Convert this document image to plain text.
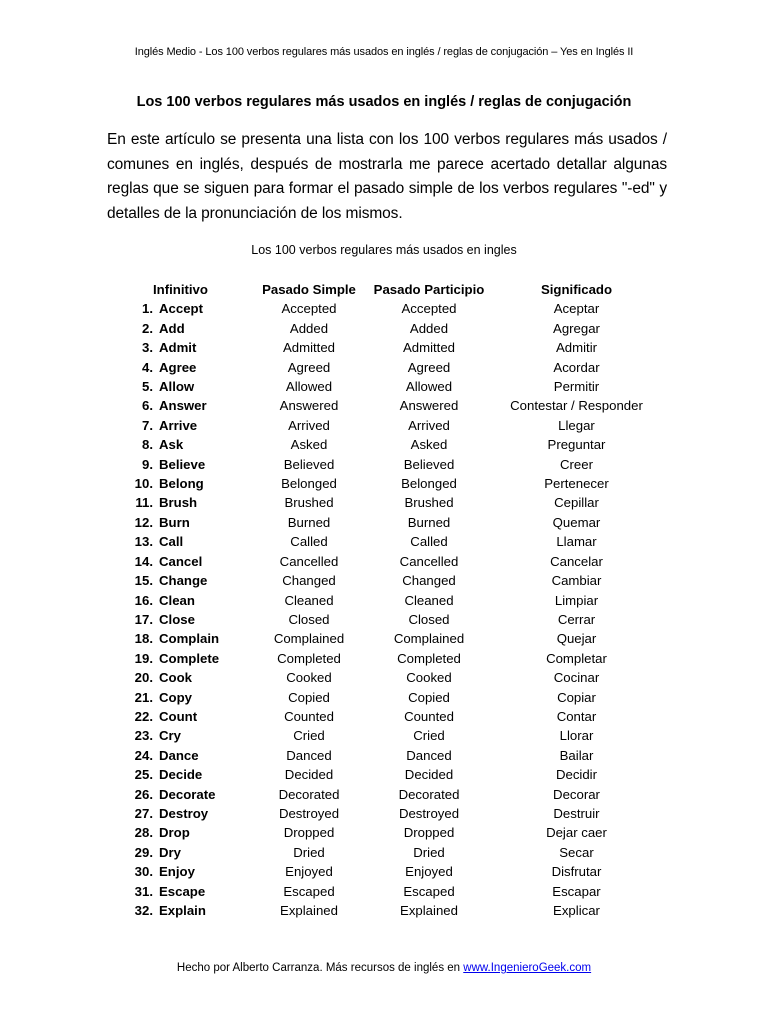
Inglés Medio - Los 100 verbos regulares más usados en inglés / reglas de conjugación – Yes en Inglés II
Los 100 verbos regulares más usados en inglés / reglas de conjugación
En este artículo se presenta una lista con los 100 verbos regulares más usados / comunes en inglés, después de mostrarla me parece acertado detallar algunas reglas que se siguen para formar el pasado simple de los verbos regulares "-ed" y detalles de la pronunciación de los mismos.
Los 100 verbos regulares más usados en ingles
	Infinitivo	Pasado Simple	Pasado Participio	Significado
1.	Accept	Accepted	Accepted	Aceptar
2.	Add	Added	Added	Agregar
3.	Admit	Admitted	Admitted	Admitir
4.	Agree	Agreed	Agreed	Acordar
5.	Allow	Allowed	Allowed	Permitir
6.	Answer	Answered	Answered	Contestar / Responder
7.	Arrive	Arrived	Arrived	Llegar
8.	Ask	Asked	Asked	Preguntar
9.	Believe	Believed	Believed	Creer
10.	Belong	Belonged	Belonged	Pertenecer
11.	Brush	Brushed	Brushed	Cepillar
12.	Burn	Burned	Burned	Quemar
13.	Call	Called	Called	Llamar
14.	Cancel	Cancelled	Cancelled	Cancelar
15.	Change	Changed	Changed	Cambiar
16.	Clean	Cleaned	Cleaned	Limpiar
17.	Close	Closed	Closed	Cerrar
18.	Complain	Complained	Complained	Quejar
19.	Complete	Completed	Completed	Completar
20.	Cook	Cooked	Cooked	Cocinar
21.	Copy	Copied	Copied	Copiar
22.	Count	Counted	Counted	Contar
23.	Cry	Cried	Cried	Llorar
24.	Dance	Danced	Danced	Bailar
25.	Decide	Decided	Decided	Decidir
26.	Decorate	Decorated	Decorated	Decorar
27.	Destroy	Destroyed	Destroyed	Destruir
28.	Drop	Dropped	Dropped	Dejar caer
29.	Dry	Dried	Dried	Secar
30.	Enjoy	Enjoyed	Enjoyed	Disfrutar
31.	Escape	Escaped	Escaped	Escapar
32.	Explain	Explained	Explained	Explicar
Hecho por Alberto Carranza. Más recursos de inglés en www.IngenieroGeek.com
